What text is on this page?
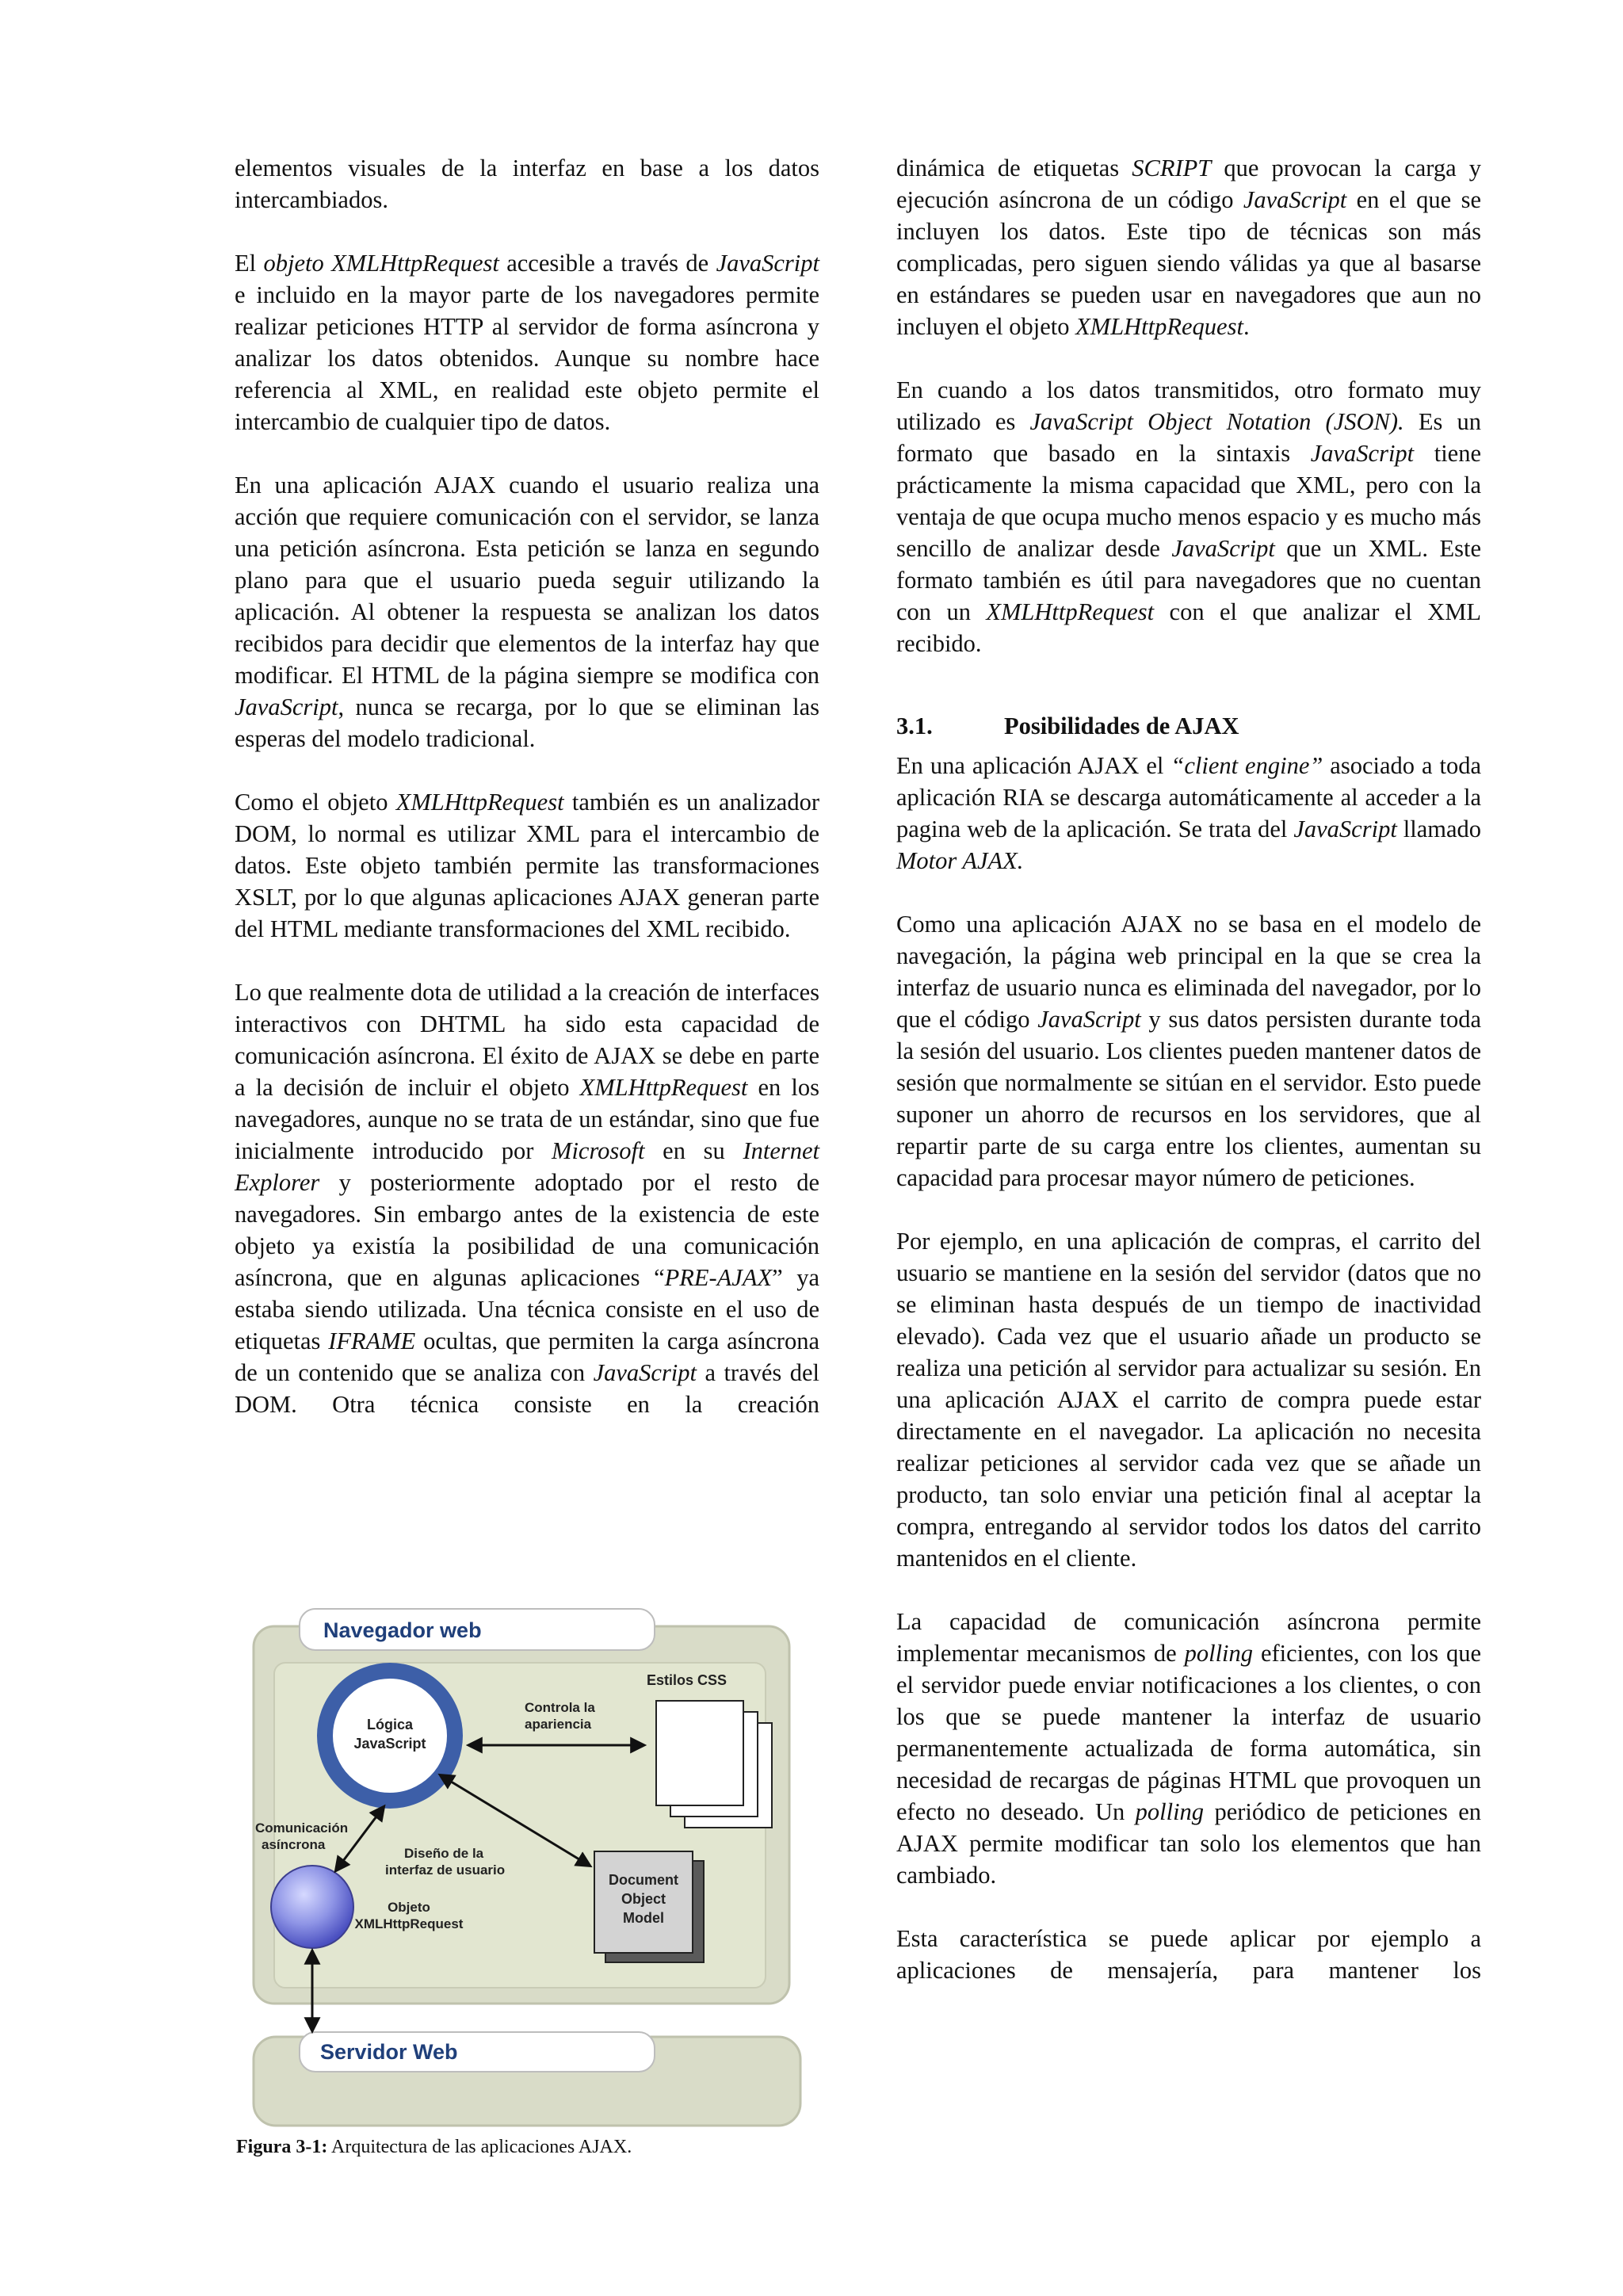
elementos visuales de la interfaz en base a los datos intercambiados.

El objeto XMLHttpRequest accesible a través de JavaScript e incluido en la mayor parte de los navegadores permite realizar peticiones HTTP al servidor de forma asíncrona y analizar los datos obtenidos. Aunque su nombre hace referencia al XML, en realidad este objeto permite el intercambio de cualquier tipo de datos.

En una aplicación AJAX cuando el usuario realiza una acción que requiere comunicación con el servidor, se lanza una petición asíncrona. Esta petición se lanza en segundo plano para que el usuario pueda seguir utilizando la aplicación. Al obtener la respuesta se analizan los datos recibidos para decidir que elementos de la interfaz hay que modificar. El HTML de la página siempre se modifica con JavaScript, nunca se recarga, por lo que se eliminan las esperas del modelo tradicional.

Como el objeto XMLHttpRequest también es un analizador DOM, lo normal es utilizar XML para el intercambio de datos. Este objeto también permite las transformaciones XSLT, por lo que algunas aplicaciones AJAX generan parte del HTML mediante transformaciones del XML recibido.

Lo que realmente dota de utilidad a la creación de interfaces interactivos con DHTML ha sido esta capacidad de comunicación asíncrona. El éxito de AJAX se debe en parte a la decisión de incluir el objeto XMLHttpRequest en los navegadores, aunque no se trata de un estándar, sino que fue inicialmente introducido por Microsoft en su Internet Explorer y posteriormente adoptado por el resto de navegadores. Sin embargo antes de la existencia de este objeto ya existía la posibilidad de una comunicación asíncrona, que en algunas aplicaciones “PRE-AJAX” ya estaba siendo utilizada. Una técnica consiste en el uso de etiquetas IFRAME ocultas, que permiten la carga asíncrona de un contenido que se analiza con JavaScript a través del DOM. Otra técnica consiste en la creación

dinámica de etiquetas SCRIPT que provocan la carga y ejecución asíncrona de un código JavaScript en el que se incluyen los datos. Este tipo de técnicas son más complicadas, pero siguen siendo válidas ya que al basarse en estándares se pueden usar en navegadores que aun no incluyen el objeto XMLHttpRequest.

En cuando a los datos transmitidos, otro formato muy utilizado es JavaScript Object Notation (JSON). Es un formato que basado en la sintaxis JavaScript tiene prácticamente la misma capacidad que XML, pero con la ventaja de que ocupa mucho menos espacio y es mucho más sencillo de analizar desde JavaScript que un XML. Este formato también es útil para navegadores que no cuentan con un XMLHttpRequest con el que analizar el XML recibido.

3.1.	Posibilidades de AJAX

En una aplicación AJAX el “client engine” asociado a toda aplicación RIA se descarga automáticamente al acceder a la pagina web de la aplicación. Se trata del JavaScript llamado Motor AJAX.

Como una aplicación AJAX no se basa en el modelo de navegación, la página web principal en la que se crea la interfaz de usuario nunca es eliminada del navegador, por lo que el código JavaScript y sus datos persisten durante toda la sesión del usuario. Los clientes pueden mantener datos de sesión que normalmente se sitúan en el servidor. Esto puede suponer un ahorro de recursos en los servidores, que al repartir parte de su carga entre los clientes, aumentan su capacidad para procesar mayor número de peticiones.

Por ejemplo, en una aplicación de compras, el carrito del usuario se mantiene en la sesión del servidor (datos que no se eliminan hasta después de un tiempo de inactividad elevado). Cada vez que el usuario añade un producto se realiza una petición al servidor para actualizar su sesión. En una aplicación AJAX el carrito de compra puede estar directamente en el navegador. La aplicación no necesita realizar peticiones al servidor cada vez que se añade un producto, tan solo enviar una petición final al aceptar la compra, entregando al servidor todos los datos del carrito mantenidos en el cliente.

La capacidad de comunicación asíncrona permite implementar mecanismos de polling eficientes, con los que el servidor puede enviar notificaciones a los clientes, o con los que se puede mantener la interfaz de usuario permanentemente actualizada de forma automática, sin necesidad de recargas de páginas HTML que provoquen un efecto no deseado. Un polling periódico de peticiones en AJAX permite modificar tan solo los elementos que han cambiado.

Esta característica se puede aplicar por ejemplo a aplicaciones de mensajería, para mantener los

Navegador web
Servidor Web
Estilos CSS
Lógica
JavaScript
Controla la
apariencia
Document
Object
Model
Diseño de la
interfaz de usuario
Objeto
XMLHttpRequest
Comunicación
asíncrona
Figura 3-1: Arquitectura de las aplicaciones AJAX.
